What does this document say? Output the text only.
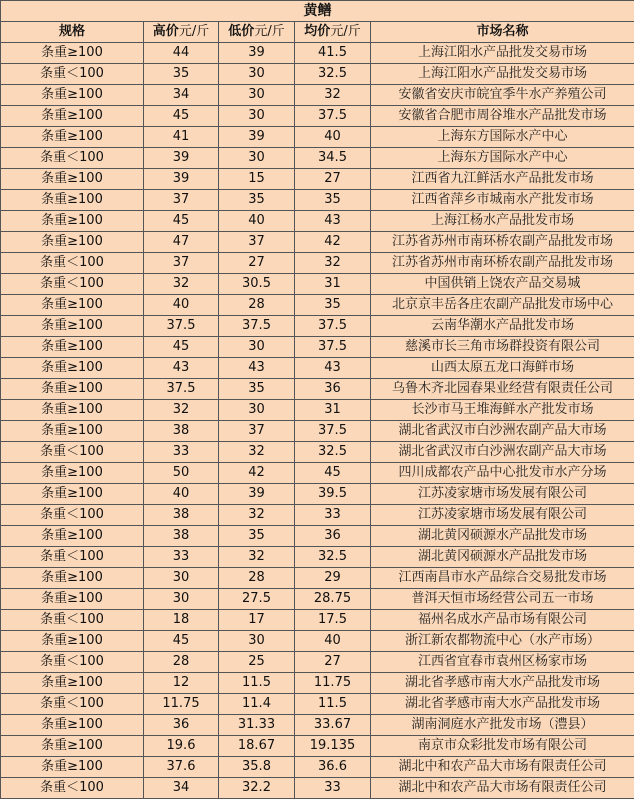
黄鳝				
规格	高价元/斤	低价元/斤	均价元/斤	市场名称
条重≥100	44	39	41.5	上海江阳水产品批发交易市场
条重＜100	35	30	32.5	上海江阳水产品批发交易市场
条重≥100	34	30	32	安徽省安庆市皖宜季牛水产养殖公司
条重≥100	45	30	37.5	安徽省合肥市周谷堆水产品批发市场
条重≥100	41	39	40	上海东方国际水产中心
条重＜100	39	30	34.5	上海东方国际水产中心
条重≥100	39	15	27	江西省九江鲜活水产品批发市场
条重≥100	37	35	35	江西省萍乡市城南水产批发市场
条重≥100	45	40	43	上海江杨水产品批发市场
条重≥100	47	37	42	江苏省苏州市南环桥农副产品批发市场
条重＜100	37	27	32	江苏省苏州市南环桥农副产品批发市场
条重＜100	32	30.5	31	中国供销上饶农产品交易城
条重≥100	40	28	35	北京京丰岳各庄农副产品批发市场中心
条重≥100	37.5	37.5	37.5	云南华潮水产品批发市场
条重≥100	45	30	37.5	慈溪市长三角市场群投资有限公司
条重≥100	43	43	43	山西太原五龙口海鲜市场
条重≥100	37.5	35	36	乌鲁木齐北园春果业经营有限责任公司
条重≥100	32	30	31	长沙市马王堆海鲜水产批发市场
条重≥100	38	37	37.5	湖北省武汉市白沙洲农副产品大市场
条重＜100	33	32	32.5	湖北省武汉市白沙洲农副产品大市场
条重≥100	50	42	45	四川成都农产品中心批发市水产分场
条重≥100	40	39	39.5	江苏凌家塘市场发展有限公司
条重＜100	38	32	33	江苏凌家塘市场发展有限公司
条重≥100	38	35	36	湖北黄冈硕源水产品批发市场
条重＜100	33	32	32.5	湖北黄冈硕源水产品批发市场
条重≥100	30	28	29	江西南昌市水产品综合交易批发市场
条重≥100	30	27.5	28.75	普洱天恒市场经营公司五一市场
条重＜100	18	17	17.5	福州名成水产品市场有限公司
条重≥100	45	30	40	浙江新农都物流中心（水产市场）
条重＜100	28	25	27	江西省宜春市袁州区杨家市场
条重≥100	12	11.5	11.75	湖北省孝感市南大水产品批发市场
条重＜100	11.75	11.4	11.5	湖北省孝感市南大水产品批发市场
条重≥100	36	31.33	33.67	湖南洞庭水产批发市场（澧县）
条重≥100	19.6	18.67	19.135	南京市众彩批发市场有限公司
条重≥100	37.6	35.8	36.6	湖北中和农产品大市场有限责任公司
条重＜100	34	32.2	33	湖北中和农产品大市场有限责任公司
